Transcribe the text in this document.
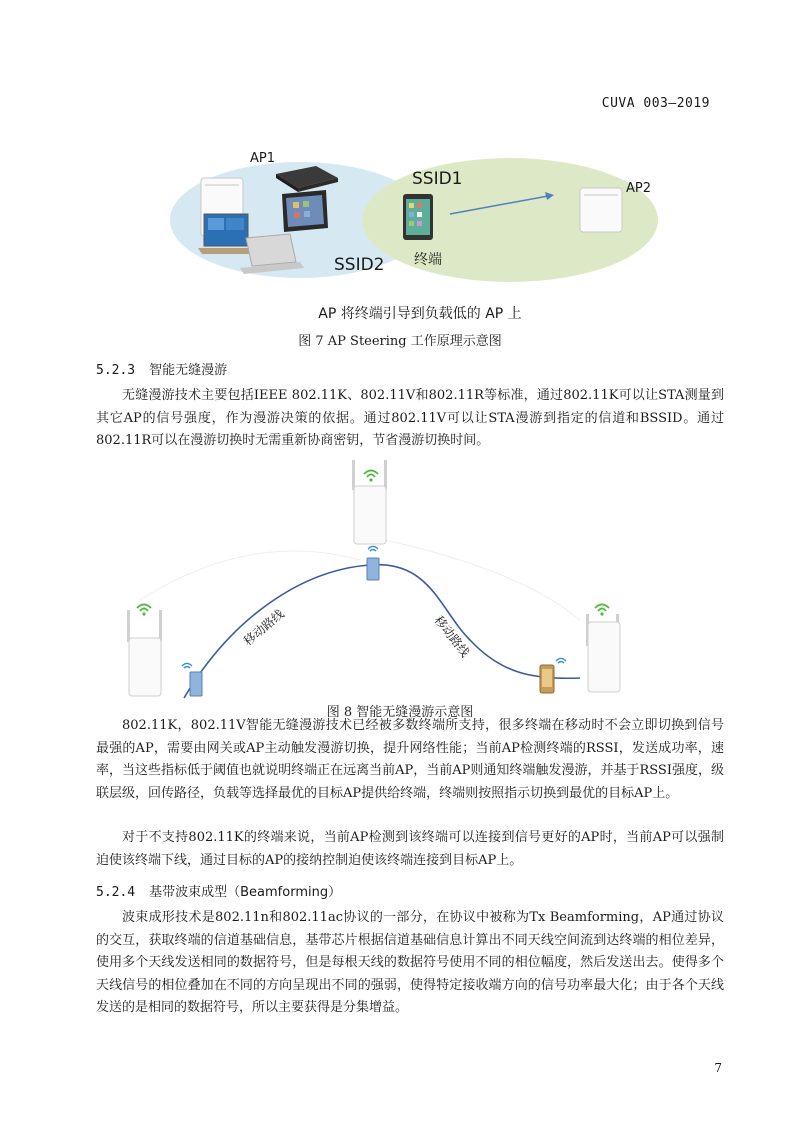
CUVA 003—2019
AP1
SSID1
SSID2 终端
AP2
AP 将终端引导到负载低的 AP 上
图 7 AP Steering 工作原理示意图
5.2.3 智能无缝漫游

无缝漫游技术主要包括IEEE 802.11K、802.11V和802.11R等标准，通过802.11K可以让STA测量到其它AP的信号强度，作为漫游决策的依据。通过802.11V可以让STA漫游到指定的信道和BSSID。通过802.11R可以在漫游切换时无需重新协商密钥，节省漫游切换时间。

移动路线	移动路线
图 8 智能无缝漫游示意图

802.11K，802.11V智能无缝漫游技术已经被多数终端所支持，很多终端在移动时不会立即切换到信号最强的AP，需要由网关或AP主动触发漫游切换，提升网络性能；当前AP检测终端的RSSI，发送成功率，速率，当这些指标低于阈值也就说明终端正在远离当前AP，当前AP则通知终端触发漫游，并基于RSSI强度，级联层级，回传路径，负载等选择最优的目标AP提供给终端，终端则按照指示切换到最优的目标AP上。

对于不支持802.11K的终端来说，当前AP检测到该终端可以连接到信号更好的AP时，当前AP可以强制迫使该终端下线，通过目标的AP的接纳控制迫使该终端连接到目标AP上。

5.2.4 基带波束成型（Beamforming）

波束成形技术是802.11n和802.11ac协议的一部分，在协议中被称为Tx Beamforming，AP通过协议的交互，获取终端的信道基础信息，基带芯片根据信道基础信息计算出不同天线空间流到达终端的相位差异，使用多个天线发送相同的数据符号，但是每根天线的数据符号使用不同的相位幅度，然后发送出去。使得多个天线信号的相位叠加在不同的方向呈现出不同的强弱，使得特定接收端方向的信号功率最大化；由于各个天线发送的是相同的数据符号，所以主要获得是分集增益。

7
